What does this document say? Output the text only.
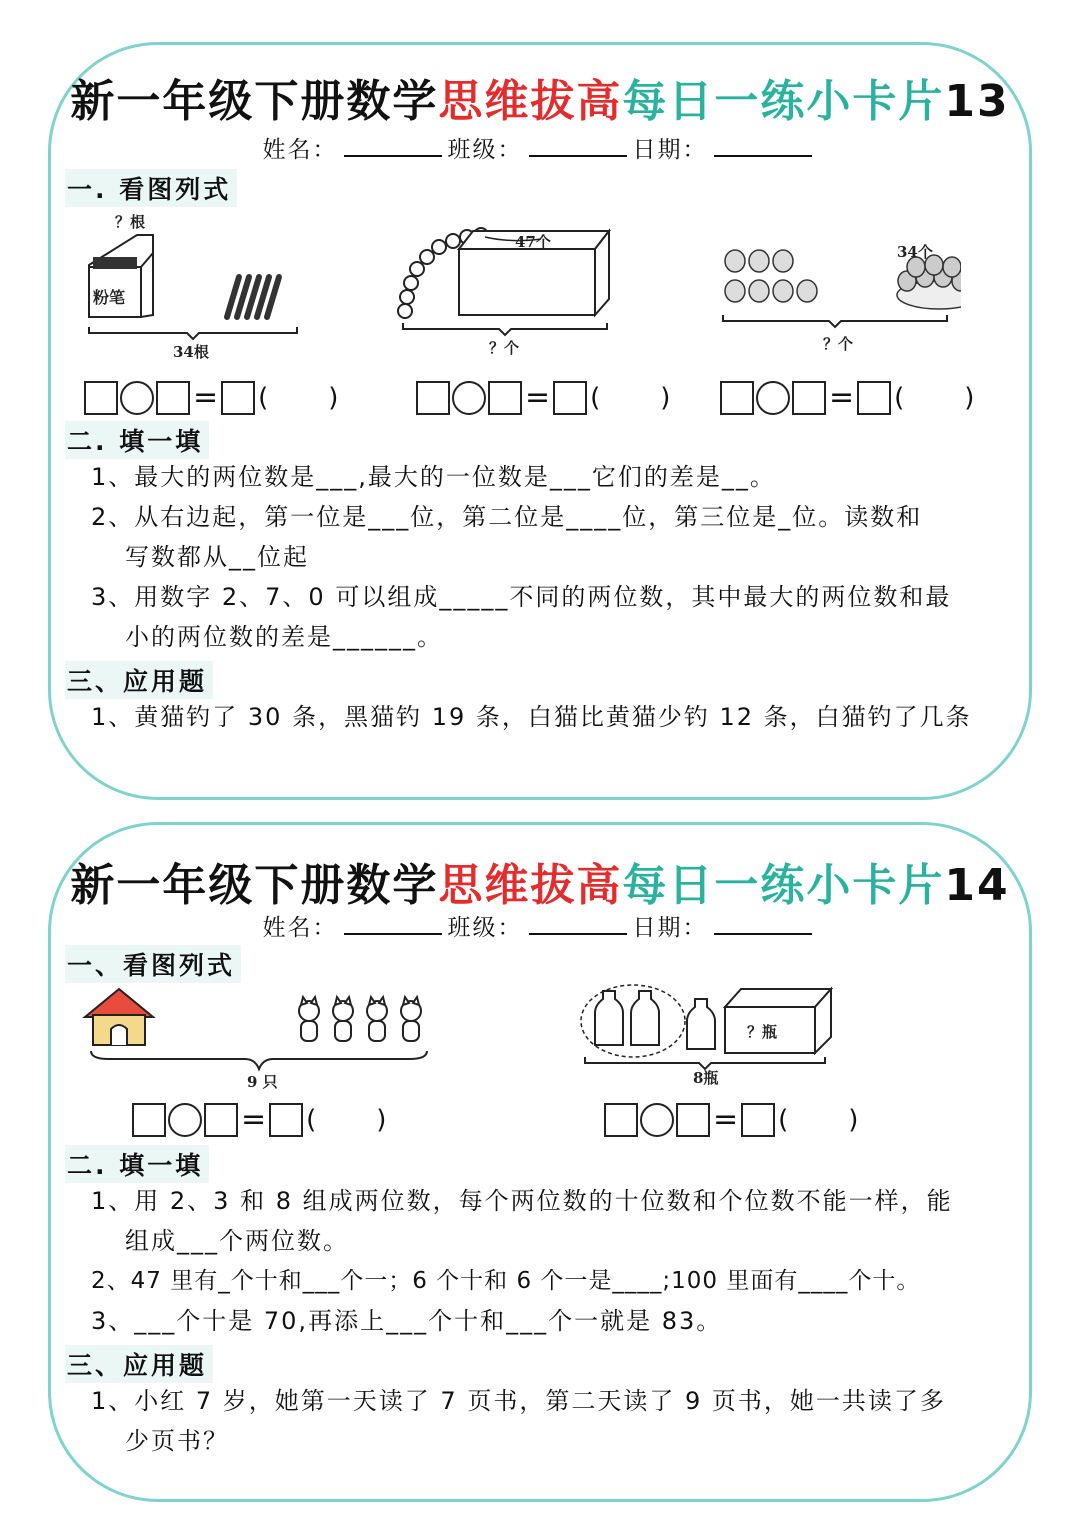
新一年级下册数学思维拔高每日一练小卡片13
姓名：	班级：	日期：
一. 看图列式
？根
粉笔
34根
47个
？个
34个
？个
= ( )	= ( )	= ( )
二. 填一填
1、最大的两位数是___,最大的一位数是___它们的差是__。
2、从右边起，第一位是___位，第二位是____位，第三位是_位。读数和
写数都从__位起
3、用数字 2、7、0 可以组成_____不同的两位数，其中最大的两位数和最
小的两位数的差是______。
三、应用题
1、黄猫钓了 30 条，黑猫钓 19 条，白猫比黄猫少钓 12 条，白猫钓了几条
新一年级下册数学思维拔高每日一练小卡片14
姓名：	班级：	日期：
一、看图列式
9 只
？瓶
8瓶
= ( )	= ( )
二. 填一填
1、用 2、3 和 8 组成两位数，每个两位数的十位数和个位数不能一样，能
组成___个两位数。
2、47 里有_个十和___个一；6 个十和 6 个一是____;100 里面有____个十。
3、___个十是 70,再添上___个十和___个一就是 83。
三、应用题
1、小红 7 岁，她第一天读了 7 页书，第二天读了 9 页书，她一共读了多
少页书？
